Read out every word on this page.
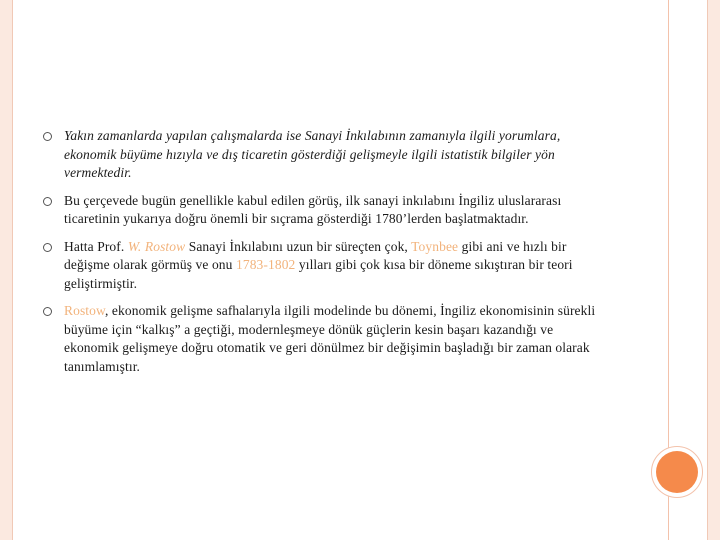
Yakın zamanlarda yapılan çalışmalarda ise Sanayi İnkılabının zamanıyla ilgili yorumlara, ekonomik büyüme hızıyla ve dış ticaretin gösterdiği gelişmeyle ilgili istatistik bilgiler yön vermektedir.
Bu çerçevede bugün genellikle kabul edilen görüş, ilk sanayi inkılabını İngiliz uluslararası ticaretinin yukarıya doğru önemli bir sıçrama gösterdiği 1780’lerden başlatmaktadır.
Hatta Prof. W. Rostow Sanayi İnkılabını uzun bir süreçten çok, Toynbee gibi ani ve hızlı bir değişme olarak görmüş ve onu 1783-1802 yılları gibi çok kısa bir döneme sıkıştıran bir teori geliştirmiştir.
Rostow, ekonomik gelişme safhalarıyla ilgili modelinde bu dönemi, İngiliz ekonomisinin sürekli büyüme için “kalkış” a geçtiği, modernleşmeye dönük güçlerin kesin başarı kazandığı ve ekonomik gelişmeye doğru otomatik ve geri dönülmez bir değişimin başladığı bir zaman olarak tanımlamıştır.
